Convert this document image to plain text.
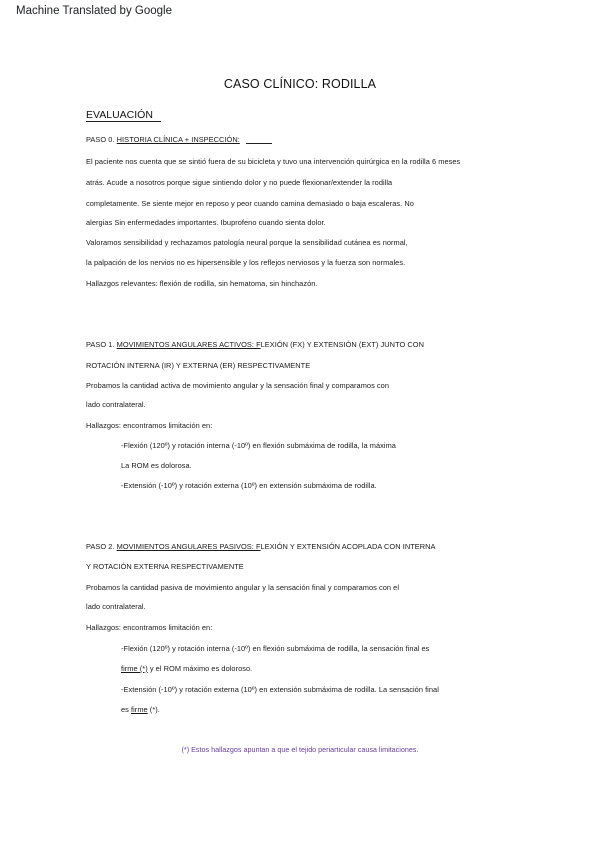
Machine Translated by Google
CASO CLÍNICO: RODILLA
EVALUACIÓN
PASO 0. HISTORIA CLÍNICA + INSPECCIÓN:
El paciente nos cuenta que se sintió fuera de su bicicleta y tuvo una intervención quirúrgica en la rodilla 6 meses
atrás. Acude a nosotros porque sigue sintiendo dolor y no puede flexionar/extender la rodilla
completamente. Se siente mejor en reposo y peor cuando camina demasiado o baja escaleras. No
alergias Sin enfermedades importantes. Ibuprofeno cuando sienta dolor.
Valoramos sensibilidad y rechazamos patología neural porque la sensibilidad cutánea es normal,
la palpación de los nervios no es hipersensible y los reflejos nerviosos y la fuerza son normales.
Hallazgos relevantes: flexión de rodilla, sin hematoma, sin hinchazón.
PASO 1. MOVIMIENTOS ANGULARES ACTIVOS: FLEXIÓN (FX) Y EXTENSIÓN (EXT) JUNTO CON
ROTACIÓN INTERNA (IR) Y EXTERNA (ER) RESPECTIVAMENTE
Probamos la cantidad activa de movimiento angular y la sensación final y comparamos con
lado contralateral.
Hallazgos: encontramos limitación en:
-Flexión (120º) y rotación interna (-10º) en flexión submáxima de rodilla, la máxima
La ROM es dolorosa.
-Extensión (-10º) y rotación externa (10º) en extensión submáxima de rodilla.
PASO 2. MOVIMIENTOS ANGULARES PASIVOS: FLEXIÓN Y EXTENSIÓN ACOPLADA CON INTERNA
Y ROTACIÓN EXTERNA RESPECTIVAMENTE
Probamos la cantidad pasiva de movimiento angular y la sensación final y comparamos con el
lado contralateral.
Hallazgos: encontramos limitación en:
-Flexión (120º) y rotación interna (-10º) en flexión submáxima de rodilla, la sensación final es
firme (*) y el ROM máximo es doloroso.
-Extensión (-10º) y rotación externa (10º) en extensión submáxima de rodilla. La sensación final
es firme (*).
(*) Estos hallazgos apuntan a que el tejido periarticular causa limitaciones.
